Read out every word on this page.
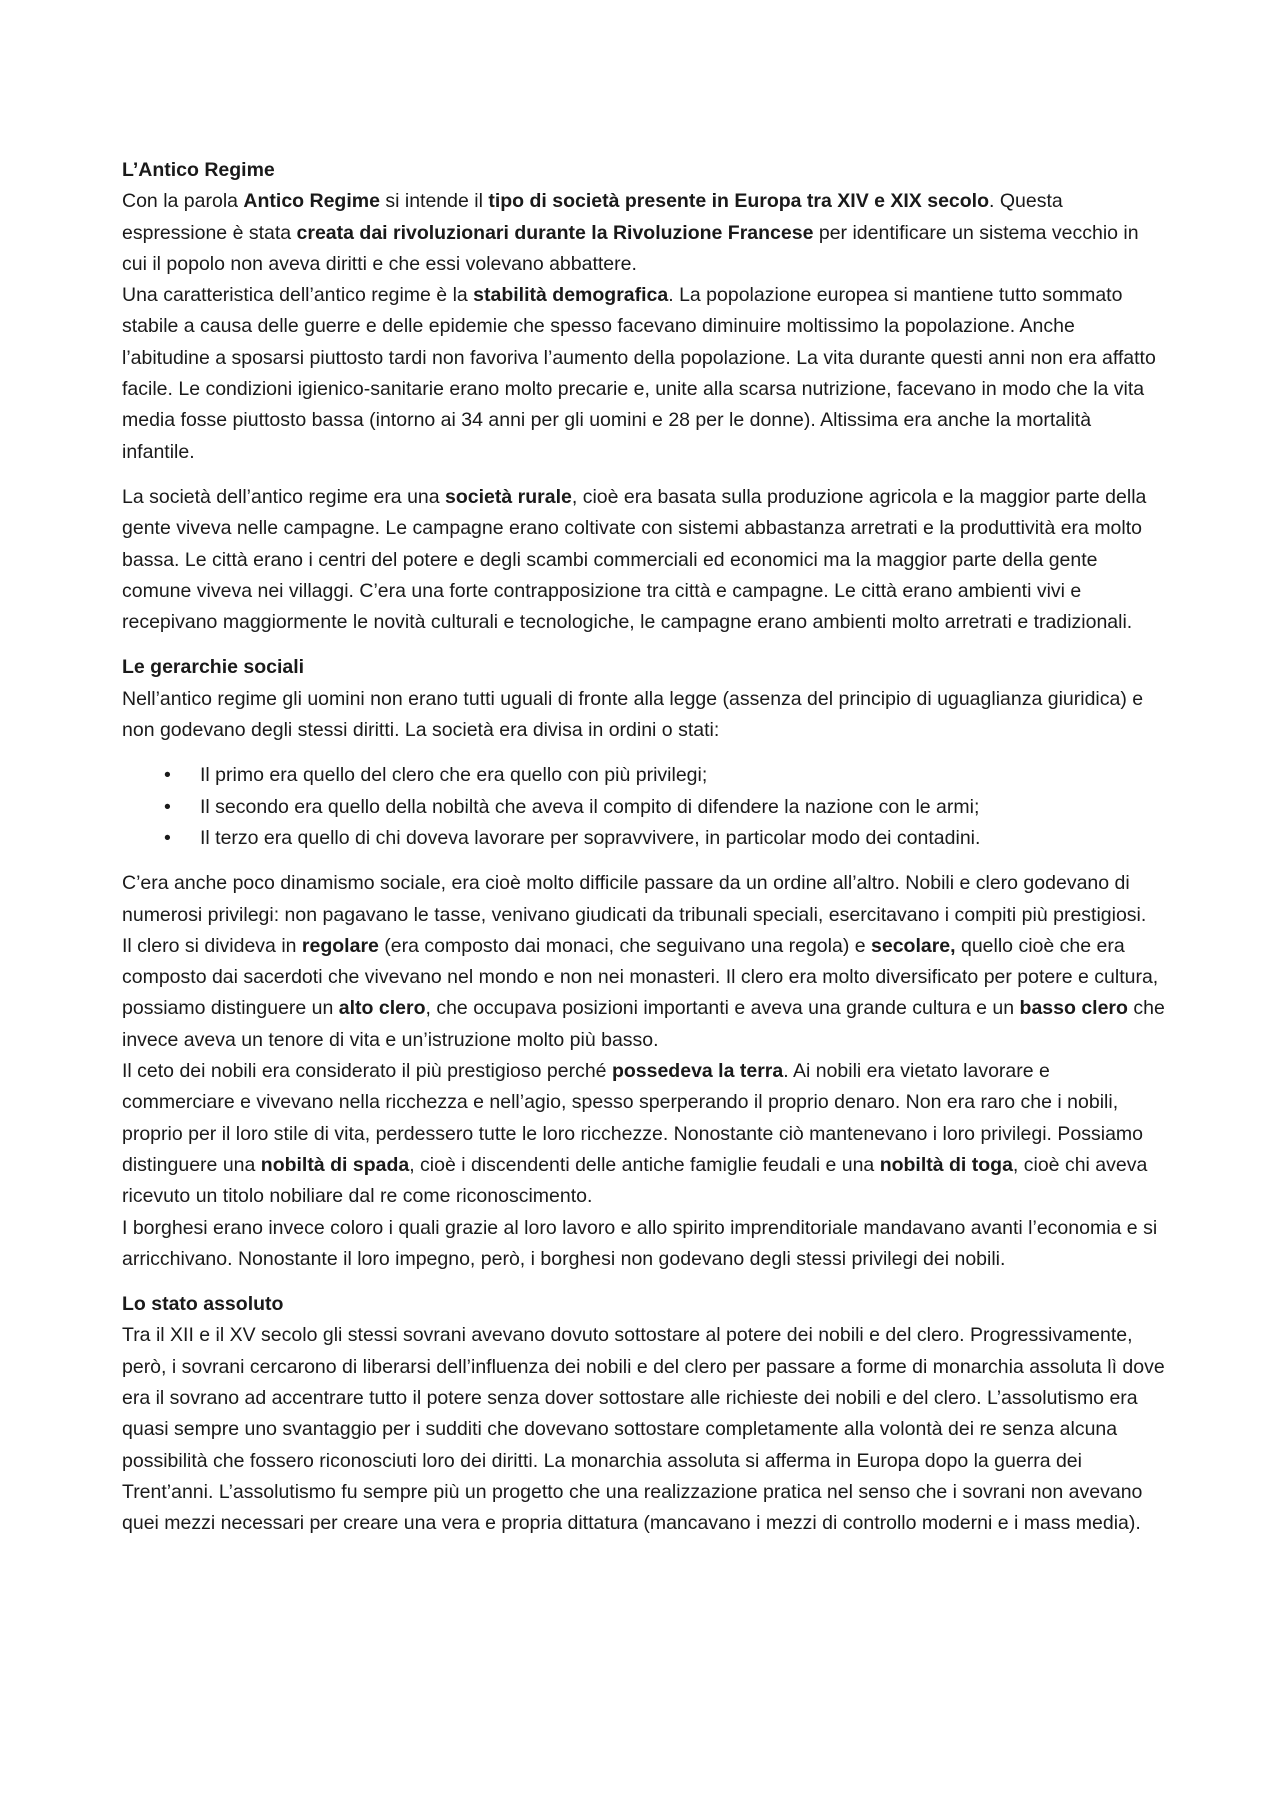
L’Antico Regime

Con la parola Antico Regime si intende il tipo di società presente in Europa tra XIV e XIX secolo. Questa espressione è stata creata dai rivoluzionari durante la Rivoluzione Francese per identificare un sistema vecchio in cui il popolo non aveva diritti e che essi volevano abbattere.

Una caratteristica dell’antico regime è la stabilità demografica. La popolazione europea si mantiene tutto sommato stabile a causa delle guerre e delle epidemie che spesso facevano diminuire moltissimo la popolazione. Anche l’abitudine a sposarsi piuttosto tardi non favoriva l’aumento della popolazione. La vita durante questi anni non era affatto facile. Le condizioni igienico-sanitarie erano molto precarie e, unite alla scarsa nutrizione, facevano in modo che la vita media fosse piuttosto bassa (intorno ai 34 anni per gli uomini e 28 per le donne). Altissima era anche la mortalità infantile.

La società dell’antico regime era una società rurale, cioè era basata sulla produzione agricola e la maggior parte della gente viveva nelle campagne. Le campagne erano coltivate con sistemi abbastanza arretrati e la produttività era molto bassa. Le città erano i centri del potere e degli scambi commerciali ed economici ma la maggior parte della gente comune viveva nei villaggi. C’era una forte contrapposizione tra città e campagne. Le città erano ambienti vivi e recepivano maggiormente le novità culturali e tecnologiche, le campagne erano ambienti molto arretrati e tradizionali.

Le gerarchie sociali

Nell’antico regime gli uomini non erano tutti uguali di fronte alla legge (assenza del principio di uguaglianza giuridica) e non godevano degli stessi diritti. La società era divisa in ordini o stati:

• Il primo era quello del clero che era quello con più privilegi;
• Il secondo era quello della nobiltà che aveva il compito di difendere la nazione con le armi;
• Il terzo era quello di chi doveva lavorare per sopravvivere, in particolar modo dei contadini.

C’era anche poco dinamismo sociale, era cioè molto difficile passare da un ordine all’altro. Nobili e clero godevano di numerosi privilegi: non pagavano le tasse, venivano giudicati da tribunali speciali, esercitavano i compiti più prestigiosi.

Il clero si divideva in regolare (era composto dai monaci, che seguivano una regola) e secolare, quello cioè che era composto dai sacerdoti che vivevano nel mondo e non nei monasteri. Il clero era molto diversificato per potere e cultura, possiamo distinguere un alto clero, che occupava posizioni importanti e aveva una grande cultura e un basso clero che invece aveva un tenore di vita e un’istruzione molto più basso.

Il ceto dei nobili era considerato il più prestigioso perché possedeva la terra. Ai nobili era vietato lavorare e commerciare e vivevano nella ricchezza e nell’agio, spesso sperperando il proprio denaro. Non era raro che i nobili, proprio per il loro stile di vita, perdessero tutte le loro ricchezze. Nonostante ciò mantenevano i loro privilegi. Possiamo distinguere una nobiltà di spada, cioè i discendenti delle antiche famiglie feudali e una nobiltà di toga, cioè chi aveva ricevuto un titolo nobiliare dal re come riconoscimento.

I borghesi erano invece coloro i quali grazie al loro lavoro e allo spirito imprenditoriale mandavano avanti l’economia e si arricchivano. Nonostante il loro impegno, però, i borghesi non godevano degli stessi privilegi dei nobili.

Lo stato assoluto

Tra il XII e il XV secolo gli stessi sovrani avevano dovuto sottostare al potere dei nobili e del clero. Progressivamente, però, i sovrani cercarono di liberarsi dell’influenza dei nobili e del clero per passare a forme di monarchia assoluta lì dove era il sovrano ad accentrare tutto il potere senza dover sottostare alle richieste dei nobili e del clero. L’assolutismo era quasi sempre uno svantaggio per i sudditi che dovevano sottostare completamente alla volontà dei re senza alcuna possibilità che fossero riconosciuti loro dei diritti. La monarchia assoluta si afferma in Europa dopo la guerra dei Trent’anni. L’assolutismo fu sempre più un progetto che una realizzazione pratica nel senso che i sovrani non avevano quei mezzi necessari per creare una vera e propria dittatura (mancavano i mezzi di controllo moderni e i mass media).
